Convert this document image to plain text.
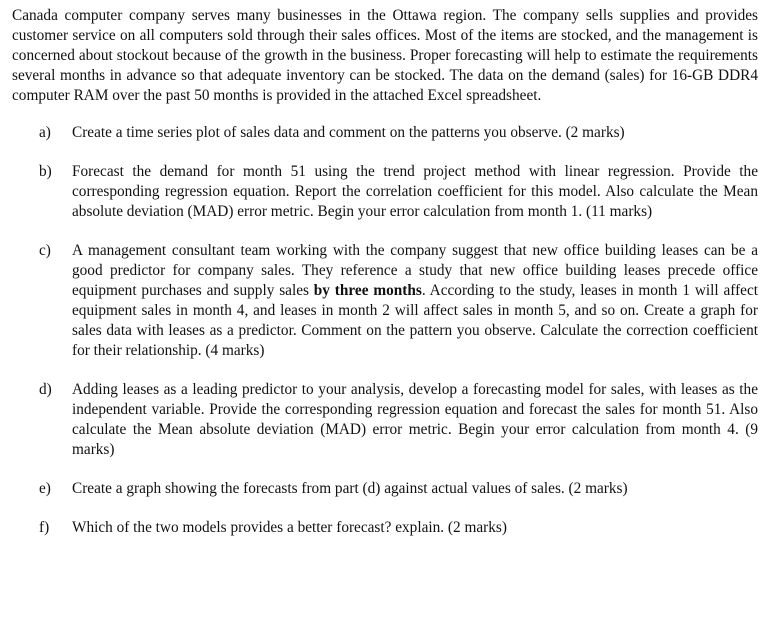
Canada computer company serves many businesses in the Ottawa region. The company sells supplies and provides customer service on all computers sold through their sales offices. Most of the items are stocked, and the management is concerned about stockout because of the growth in the business. Proper forecasting will help to estimate the requirements several months in advance so that adequate inventory can be stocked. The data on the demand (sales) for 16-GB DDR4 computer RAM over the past 50 months is provided in the attached Excel spreadsheet.

a)	Create a time series plot of sales data and comment on the patterns you observe. (2 marks)
b)	Forecast the demand for month 51 using the trend project method with linear regression. Provide the corresponding regression equation. Report the correlation coefficient for this model. Also calculate the Mean absolute deviation (MAD) error metric. Begin your error calculation from month 1. (11 marks)
c)	A management consultant team working with the company suggest that new office building leases can be a good predictor for company sales. They reference a study that new office building leases precede office equipment purchases and supply sales by three months. According to the study, leases in month 1 will affect equipment sales in month 4, and leases in month 2 will affect sales in month 5, and so on. Create a graph for sales data with leases as a predictor. Comment on the pattern you observe. Calculate the correction coefficient for their relationship. (4 marks)
d)	Adding leases as a leading predictor to your analysis, develop a forecasting model for sales, with leases as the independent variable. Provide the corresponding regression equation and forecast the sales for month 51. Also calculate the Mean absolute deviation (MAD) error metric. Begin your error calculation from month 4. (9 marks)
e)	Create a graph showing the forecasts from part (d) against actual values of sales. (2 marks)
f)	Which of the two models provides a better forecast? explain. (2 marks)
